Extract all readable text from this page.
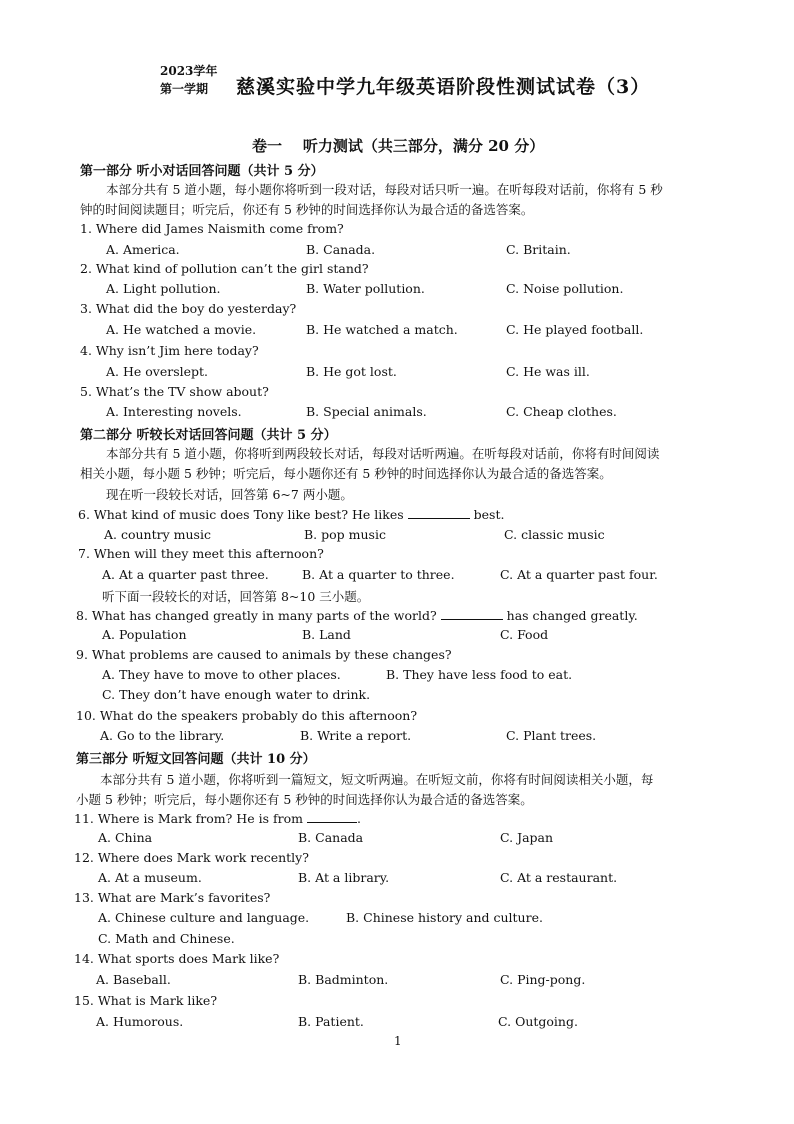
2023学年
第一学期 慈溪实验中学九年级英语阶段性测试试卷（3）
卷一    听力测试（共三部分，满分 20 分）
第一部分 听小对话回答问题（共计 5 分）
本部分共有 5 道小题，每小题你将听到一段对话，每段对话只听一遍。在听每段对话前，你将有 5 秒
钟的时间阅读题目；听完后，你还有 5 秒钟的时间选择你认为最合适的备选答案。
1. Where did James Naismith come from?
A. America.	B. Canada.	C. Britain.
2. What kind of pollution can’t the girl stand?
A. Light pollution.	B. Water pollution.	C. Noise pollution.
3. What did the boy do yesterday?
A. He watched a movie.	B. He watched a match.	C. He played football.
4. Why isn’t Jim here today?
A. He overslept.	B. He got lost.	C. He was ill.
5. What’s the TV show about?
A. Interesting novels.	B. Special animals.	C. Cheap clothes.
第二部分 听较长对话回答问题（共计 5 分）
本部分共有 5 道小题，你将听到两段较长对话，每段对话听两遍。在听每段对话前，你将有时间阅读
相关小题，每小题 5 秒钟；听完后，每小题你还有 5 秒钟的时间选择你认为最合适的备选答案。
现在听一段较长对话，回答第 6~7 两小题。
6. What kind of music does Tony like best? He likes	best.
A. country music	B. pop music	C. classic music
7. When will they meet this afternoon?
A. At a quarter past three.	B. At a quarter to three.	C. At a quarter past four.
听下面一段较长的对话，回答第 8~10 三小题。
8. What has changed greatly in many parts of the world?	has changed greatly.
A. Population	B. Land	C. Food
9. What problems are caused to animals by these changes?
A. They have to move to other places.	B. They have less food to eat.
C. They don’t have enough water to drink.
10. What do the speakers probably do this afternoon?
A. Go to the library.	B. Write a report.	C. Plant trees.
第三部分 听短文回答问题（共计 10 分）
本部分共有 5 道小题，你将听到一篇短文，短文听两遍。在听短文前，你将有时间阅读相关小题，每
小题 5 秒钟；听完后，每小题你还有 5 秒钟的时间选择你认为最合适的备选答案。
11. Where is Mark from? He is from	.
A. China	B. Canada	C. Japan
12. Where does Mark work recently?
A. At a museum.	B. At a library.	C. At a restaurant.
13. What are Mark’s favorites?
A. Chinese culture and language.	B. Chinese history and culture.
C. Math and Chinese.
14. What sports does Mark like?
A. Baseball.	B. Badminton.	C. Ping-pong.
15. What is Mark like?
A. Humorous.	B. Patient.	C. Outgoing.
1
